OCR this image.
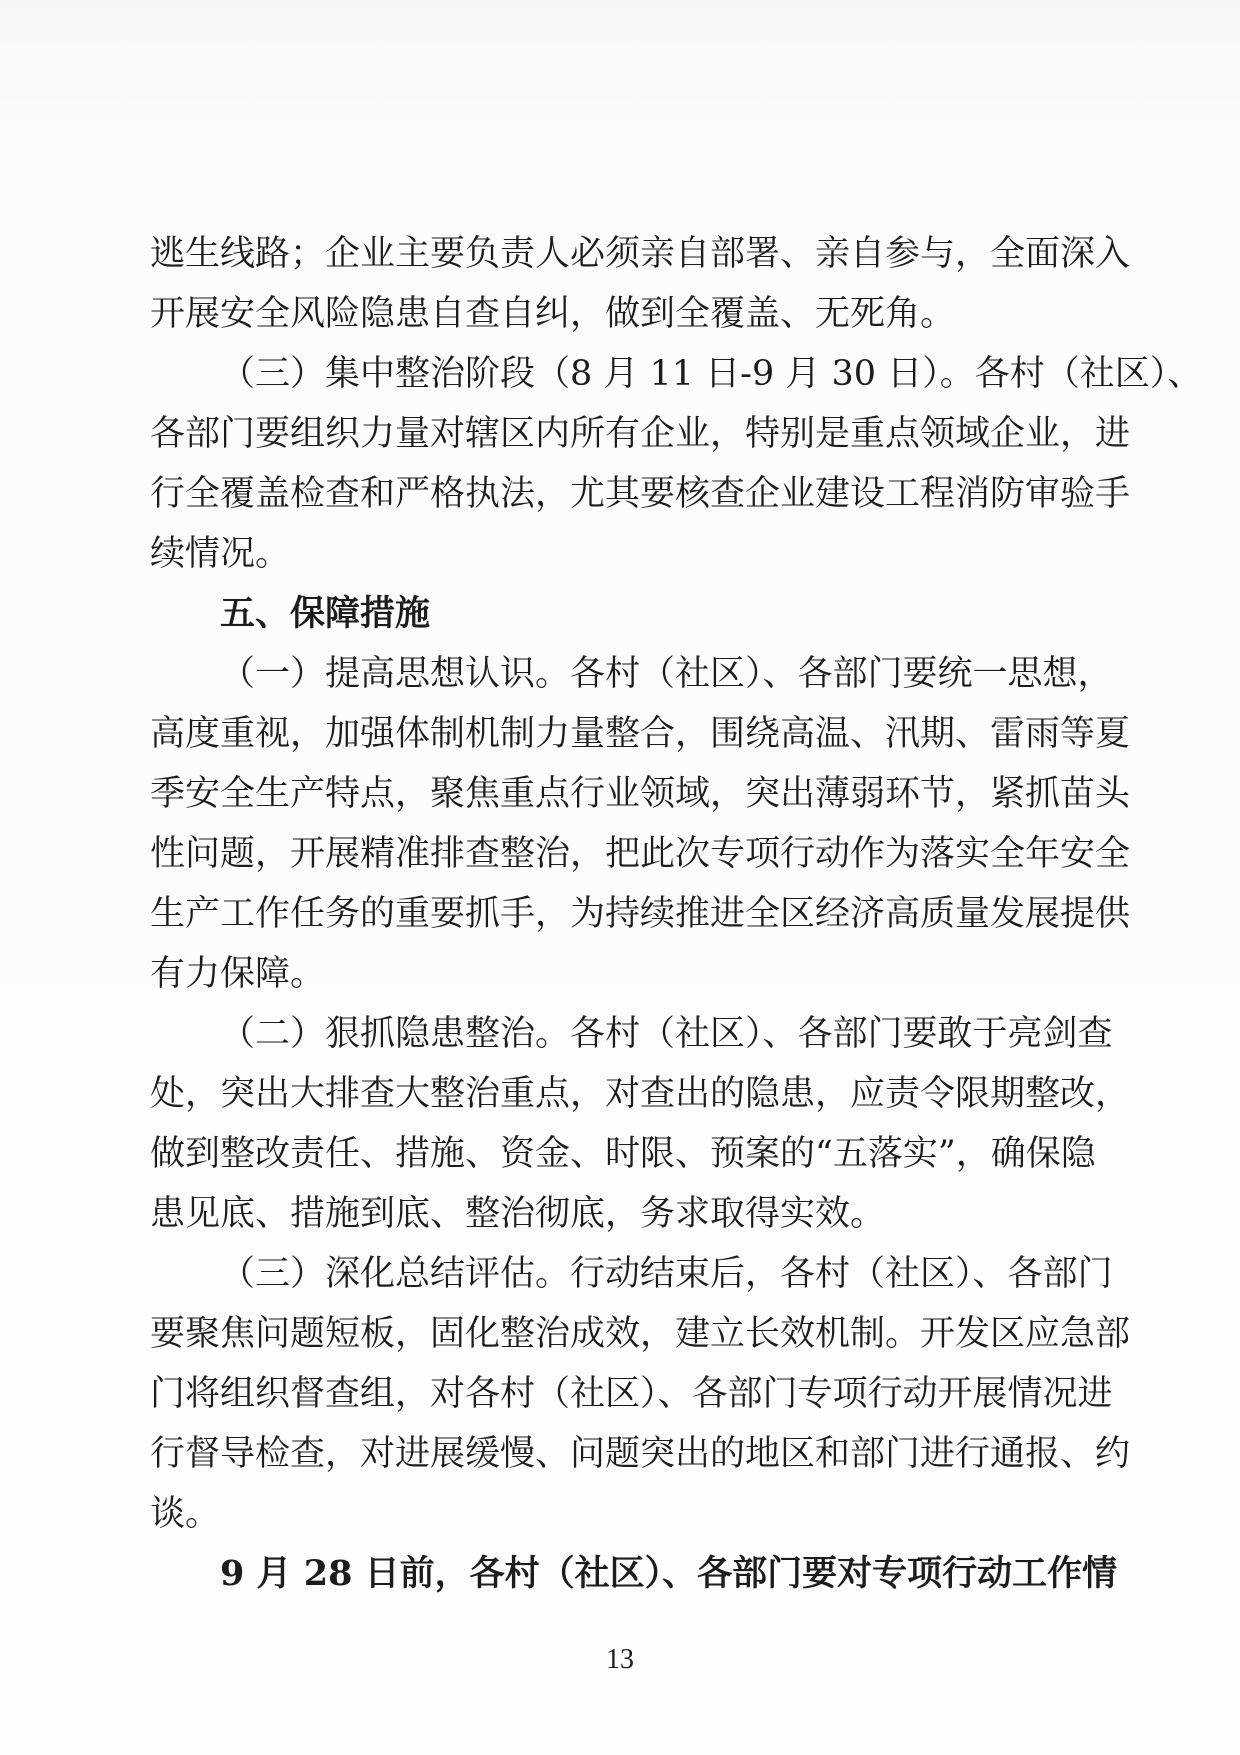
逃生线路；企业主要负责人必须亲自部署、亲自参与，全面深入
开展安全风险隐患自查自纠，做到全覆盖、无死角。
（三）集中整治阶段（8 月 11 日-9 月 30 日）。各村（社区）、
各部门要组织力量对辖区内所有企业，特别是重点领域企业，进
行全覆盖检查和严格执法，尤其要核查企业建设工程消防审验手
续情况。
五、保障措施
（一）提高思想认识。各村（社区）、各部门要统一思想，
高度重视，加强体制机制力量整合，围绕高温、汛期、雷雨等夏
季安全生产特点，聚焦重点行业领域，突出薄弱环节，紧抓苗头
性问题，开展精准排查整治，把此次专项行动作为落实全年安全
生产工作任务的重要抓手，为持续推进全区经济高质量发展提供
有力保障。
（二）狠抓隐患整治。各村（社区）、各部门要敢于亮剑查
处，突出大排查大整治重点，对查出的隐患，应责令限期整改，
做到整改责任、措施、资金、时限、预案的“五落实”，确保隐
患见底、措施到底、整治彻底，务求取得实效。
（三）深化总结评估。行动结束后，各村（社区）、各部门
要聚焦问题短板，固化整治成效，建立长效机制。开发区应急部
门将组织督查组，对各村（社区）、各部门专项行动开展情况进
行督导检查，对进展缓慢、问题突出的地区和部门进行通报、约
谈。
9 月 28 日前，各村（社区）、各部门要对专项行动工作情
13
